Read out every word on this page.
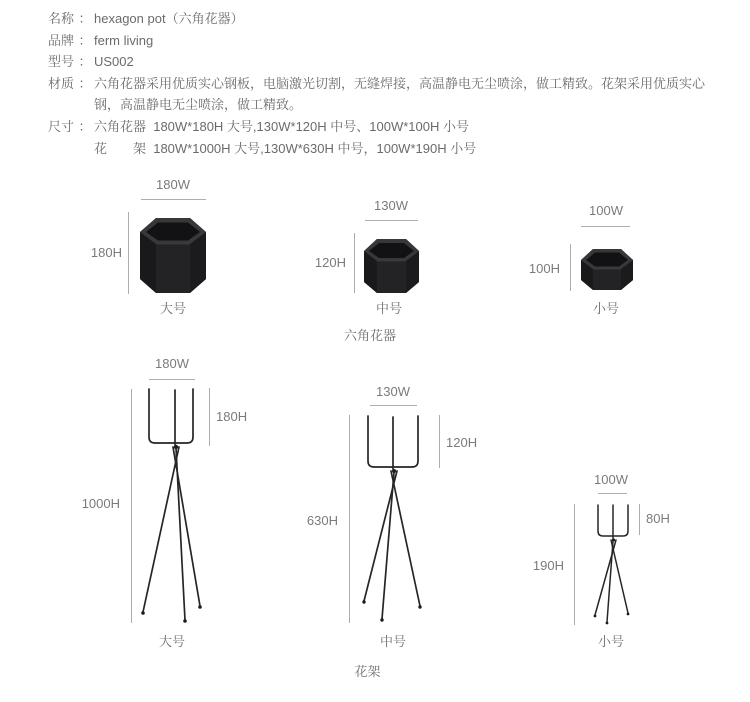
名称 ： hexagon pot（六角花器）
品牌 ： ferm living
型号 ： US002
材质 ： 六角花器采用优质实心钢板，电脑激光切割，无缝焊接，高温静电无尘喷涂，做工精致。花架采用优质实心钢，高温静电无尘喷涂，做工精致。
尺寸 ： 六角花器  180W*180H 大号,130W*120H 中号、100W*100H 小号
花　　架  180W*1000H 大号,130W*630H 中号，100W*190H 小号
180W
180H
大号
130W
120H
中号
100W
100H
小号
六角花器
180W
180H
1000H
大号
130W
120H
630H
中号
100W
80H
190H
小号
花架
